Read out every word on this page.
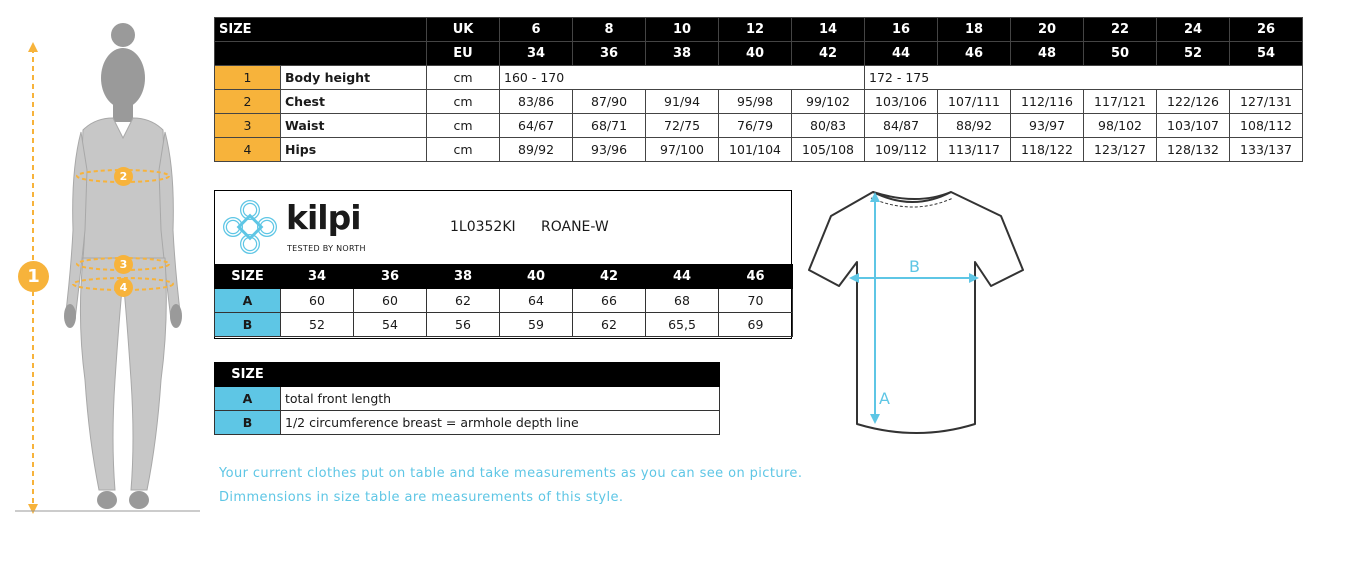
1
2
3
4
SIZE		UK	6	8	10	12	14	16	18	20	22	24	26
		EU	34	36	38	40	42	44	46	48	50	52	54
1	Body height	cm	160 - 170					172 - 175					
2	Chest	cm	83/86	87/90	91/94	95/98	99/102	103/106	107/111	112/116	117/121	122/126	127/131
3	Waist	cm	64/67	68/71	72/75	76/79	80/83	84/87	88/92	93/97	98/102	103/107	108/112
4	Hips	cm	89/92	93/96	97/100	101/104	105/108	109/112	113/117	118/122	123/127	128/132	133/137
kilpi
TESTED BY NORTH
1L0352KI ROANE-W
SIZE	34	36	38	40	42	44	46
A	60	60	62	64	66	68	70
B	52	54	56	59	62	65,5	69
SIZE	
A	total front length
B	1/2 circumference breast = armhole depth line
A
B
Your current clothes put on table and take measurements as you can see on picture.
Dimmensions in size table are measurements of this style.
